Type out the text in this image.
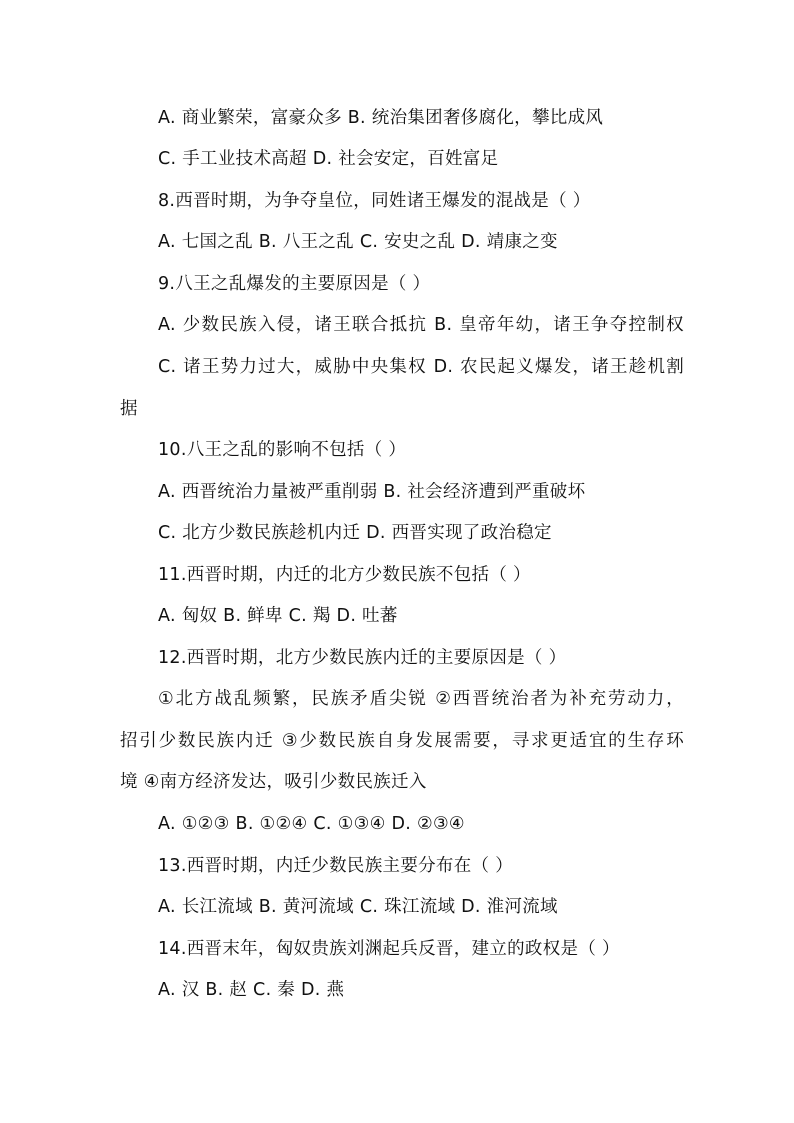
A. 商业繁荣，富豪众多 B. 统治集团奢侈腐化，攀比成风
C. 手工业技术高超 D. 社会安定，百姓富足
8.西晋时期，为争夺皇位，同姓诸王爆发的混战是（ ）
A. 七国之乱 B. 八王之乱 C. 安史之乱 D. 靖康之变
9.八王之乱爆发的主要原因是（ ）
A. 少数民族入侵，诸王联合抵抗 B. 皇帝年幼，诸王争夺控制权
C. 诸王势力过大，威胁中央集权 D. 农民起义爆发，诸王趁机割
据
10.八王之乱的影响不包括（ ）
A. 西晋统治力量被严重削弱 B. 社会经济遭到严重破坏
C. 北方少数民族趁机内迁 D. 西晋实现了政治稳定
11.西晋时期，内迁的北方少数民族不包括（ ）
A. 匈奴 B. 鲜卑 C. 羯 D. 吐蕃
12.西晋时期，北方少数民族内迁的主要原因是（ ）
①北方战乱频繁，民族矛盾尖锐 ②西晋统治者为补充劳动力，
招引少数民族内迁 ③少数民族自身发展需要，寻求更适宜的生存环
境 ④南方经济发达，吸引少数民族迁入
A. ①②③ B. ①②④ C. ①③④ D. ②③④
13.西晋时期，内迁少数民族主要分布在（ ）
A. 长江流域 B. 黄河流域 C. 珠江流域 D. 淮河流域
14.西晋末年，匈奴贵族刘渊起兵反晋，建立的政权是（ ）
A. 汉 B. 赵 C. 秦 D. 燕
